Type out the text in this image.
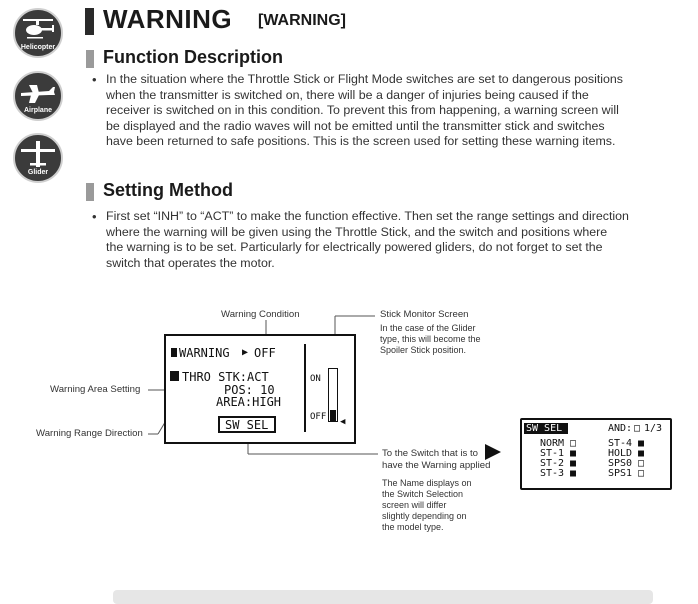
Helicopter
Airplane
Glider
WARNING [WARNING]
Function Description
• In the situation where the Throttle Stick or Flight Mode switches are set to dangerous positions
when the transmitter is switched on, there will be a danger of injuries being caused if the
receiver is switched on in this condition. To prevent this from happening, a warning screen will
be displayed and the radio waves will not be emitted until the transmitter stick and switches
have been returned to safe positions. This is the screen used for setting these warning items.
Setting Method
• First set “INH” to “ACT” to make the function effective. Then set the range settings and direction
where the warning will be given using the Throttle Stick, and the switch and positions where
the warning is to be set. Particularly for electrically powered gliders, do not forget to set the
switch that operates the motor.
Warning Condition	Stick Monitor Screen
In the case of the Glider
type, this will become the
Spoiler Stick position.
Warning Area Setting
Warning Range Direction
To the Switch that is to
have the Warning applied
The Name displays on
the Switch Selection
screen will differ
slightly depending on
the model type.
WARNING ▶ OFF
THRO STK:ACT
POS: 10
AREA:HIGH
SW SEL
ON
OFF ◀
SW SEL	AND: □ 1/3
NORM □
ST-1 ■
ST-2 ■
ST-3 ■
ST-4 ■
HOLD ■
SPS0 □
SPS1 □
